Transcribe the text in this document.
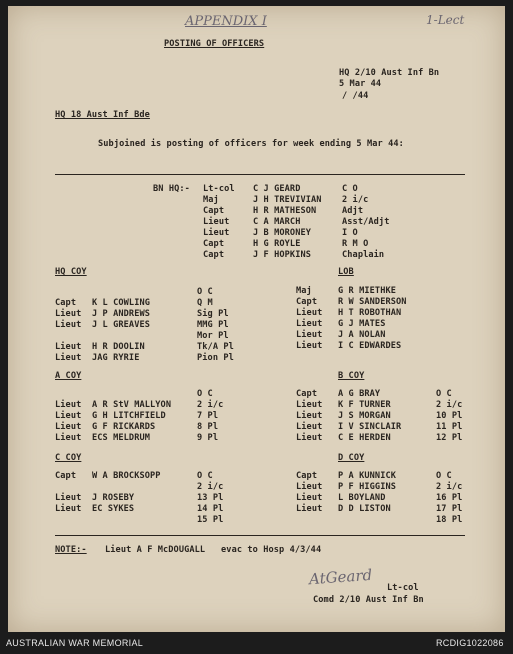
APPENDIX I	1-Lect
POSTING OF OFFICERS
HQ 2/10 Aust Inf Bn
5 Mar 44
/ /44
HQ 18 Aust Inf Bde
Subjoined is posting of officers for week ending 5 Mar 44:
BN HQ:- Lt-col C J GEARD	C O
Maj	J H TREVIVIAN 2 i/c
Capt	H R MATHESON	Adjt
Lieut	C A MARCH	Asst/Adjt
Lieut	J B MORONEY	I O
Capt	H G ROYLE	R M O
Capt	J F HOPKINS	Chaplain
HQ COY
O C
Capt K L COWLING	Q M
Lieut J P ANDREWS	Sig Pl
Lieut J L GREAVES	MMG Pl
Mor Pl
Lieut H R DOOLIN	Tk/A Pl
Lieut JAG RYRIE	Pion Pl
LOB
Maj	G R MIETHKE
Capt R W SANDERSON
Lieut H T ROBOTHAN
Lieut G J MATES
Lieut J A NOLAN
Lieut I C EDWARDES
A COY
O C
Lieut A R StV MALLYON	2 i/c
Lieut G H LITCHFIELD	7 Pl
Lieut G F RICKARDS	8 Pl
Lieut ECS MELDRUM	9 Pl
B COY
Capt A G BRAY	O C
Lieut K F TURNER	2 i/c
Lieut J S MORGAN	10 Pl
Lieut I V SINCLAIR	11 Pl
Lieut C E HERDEN	12 Pl
C COY
Capt W A BROCKSOPP	O C
2 i/c
Lieut J ROSEBY	13 Pl
Lieut EC SYKES	14 Pl
15 Pl
D COY
Capt P A KUNNICK	O C
Lieut P F HIGGINS	2 i/c
Lieut L BOYLAND	16 Pl
Lieut D D LISTON	17 Pl
18 Pl
NOTE:- Lieut A F McDOUGALL   evac to Hosp 4/3/44
AtGeard Lt-col
Comd 2/10 Aust Inf Bn
AUSTRALIAN WAR MEMORIAL	RCDIG1022086
